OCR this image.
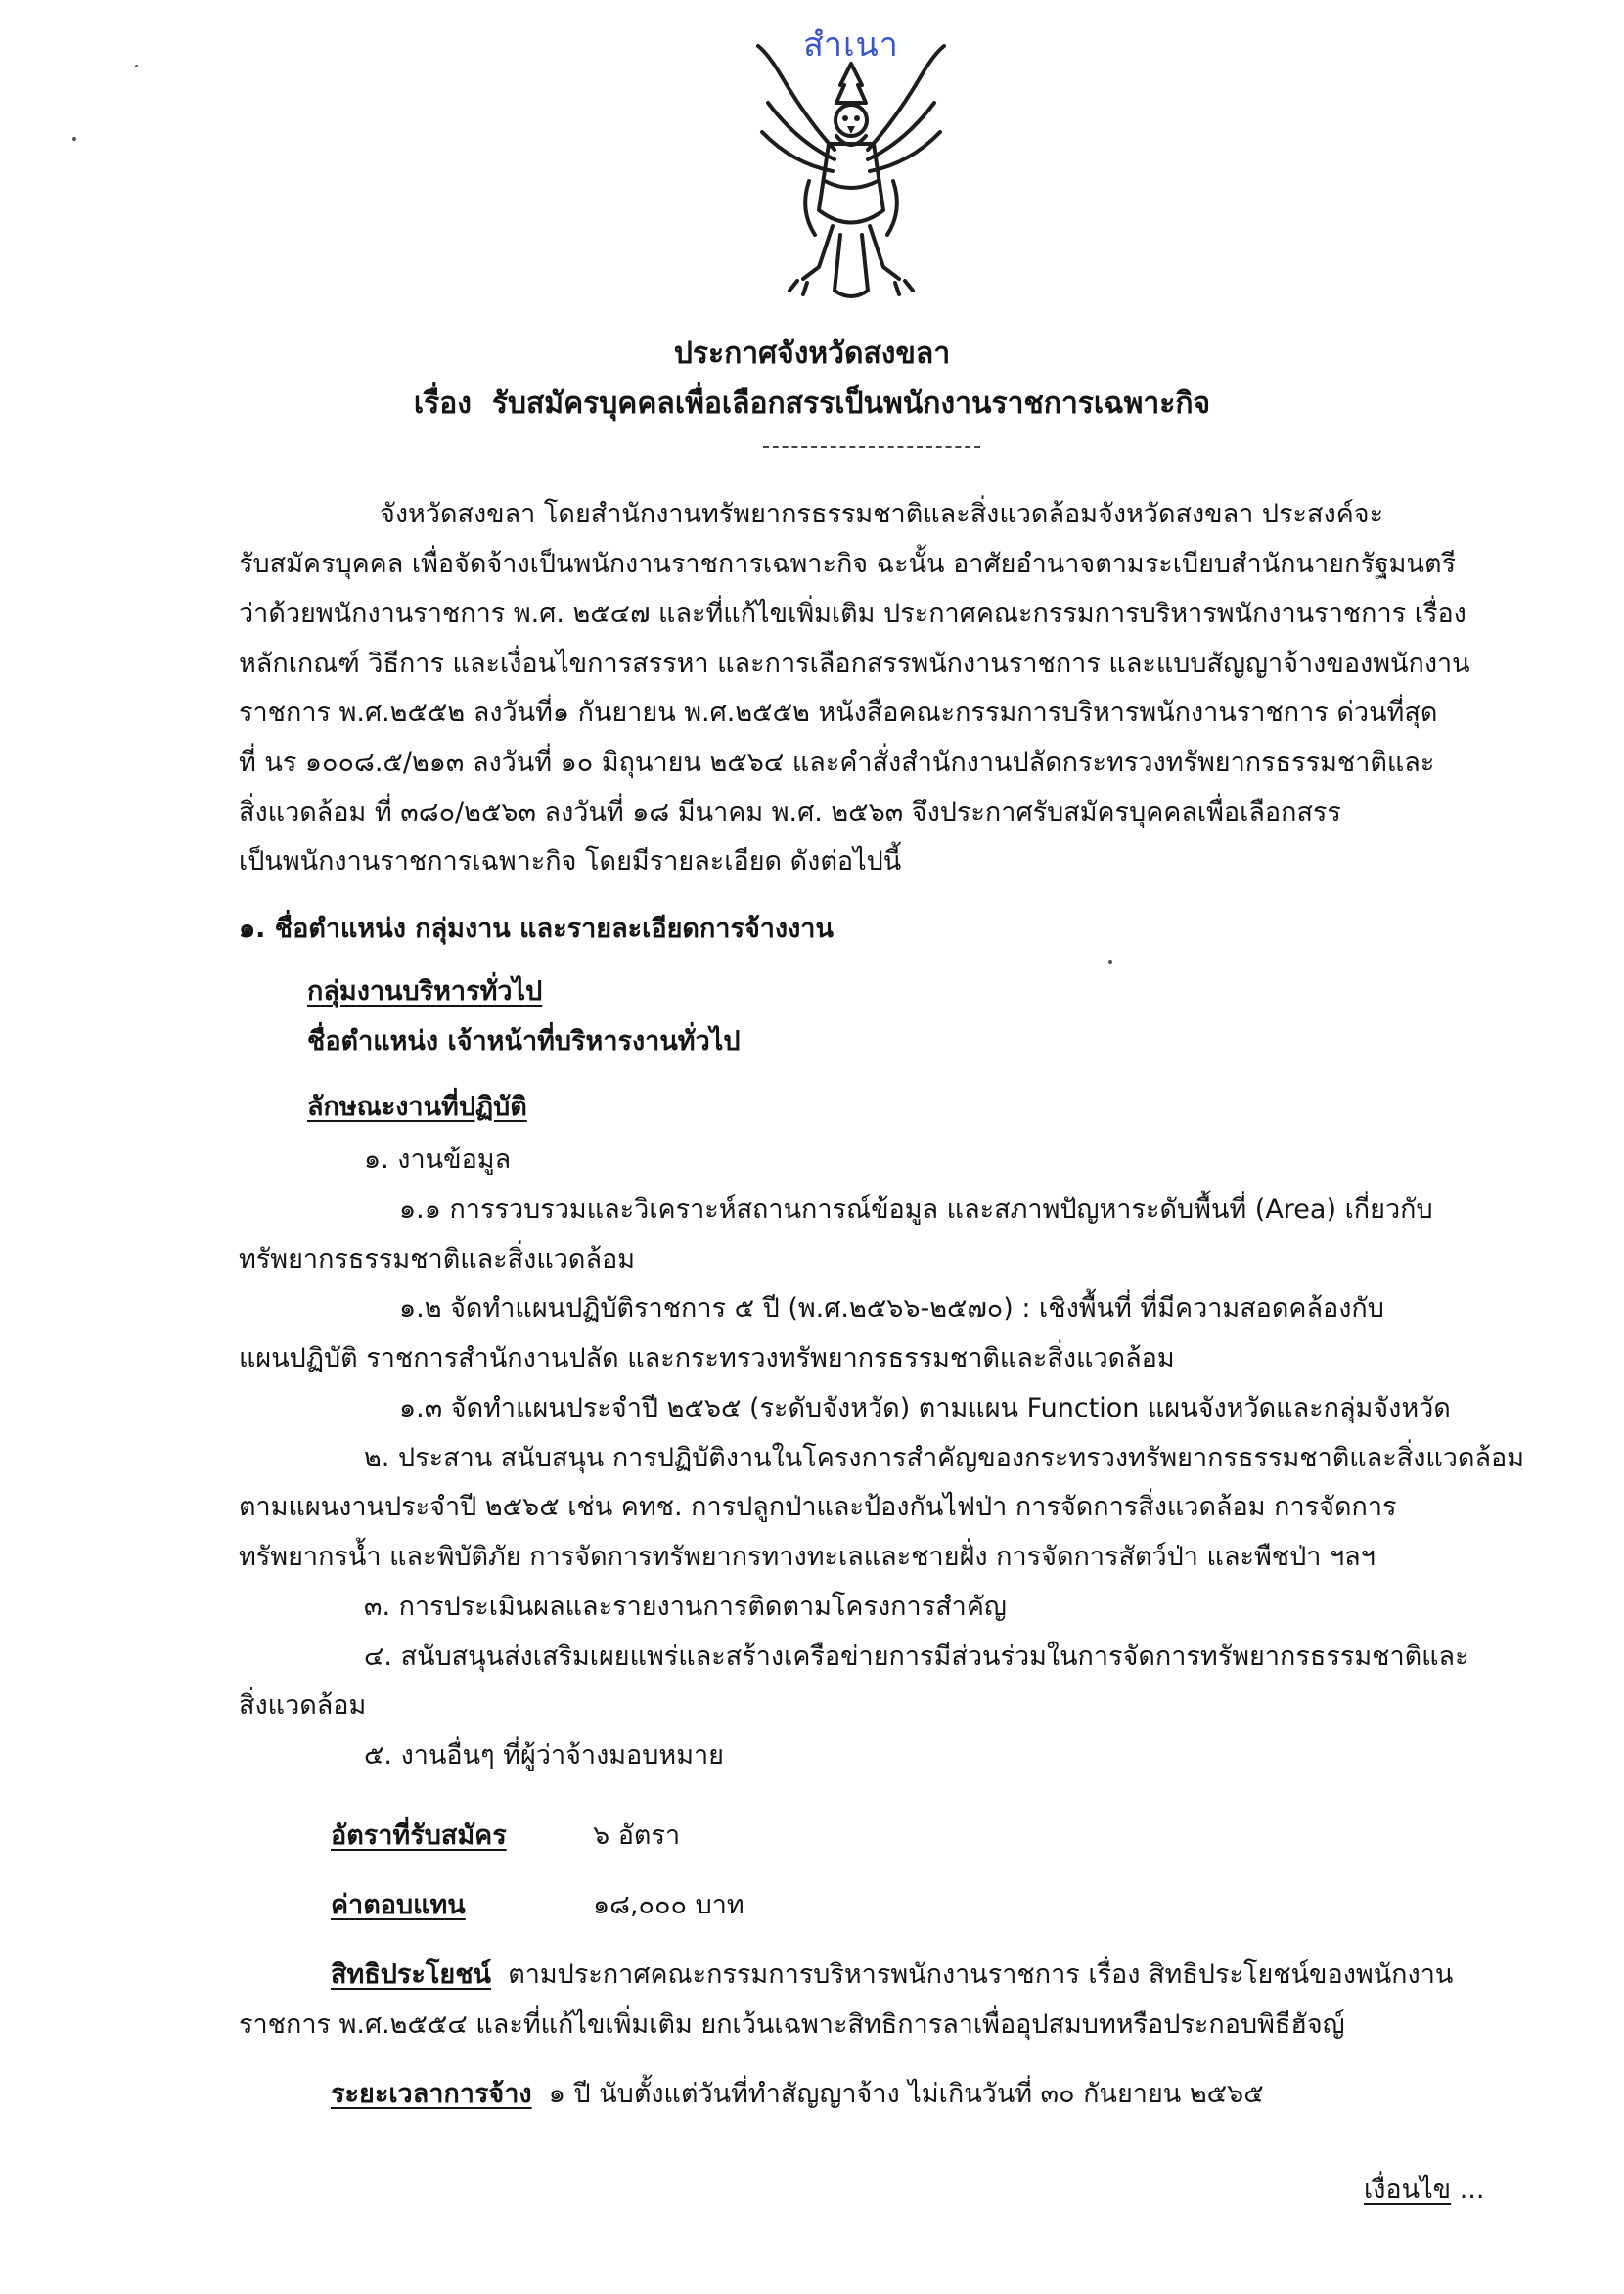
สำเนา
ประกาศจังหวัดสงขลา
เรื่อง รับสมัครบุคคลเพื่อเลือกสรรเป็นพนักงานราชการเฉพาะกิจ
จังหวัดสงขลา โดยสำนักงานทรัพยากรธรรมชาติและสิ่งแวดล้อมจังหวัดสงขลา ประสงค์จะ
รับสมัครบุคคล เพื่อจัดจ้างเป็นพนักงานราชการเฉพาะกิจ ฉะนั้น อาศัยอำนาจตามระเบียบสำนักนายกรัฐมนตรี
ว่าด้วยพนักงานราชการ พ.ศ. ๒๕๔๗ และที่แก้ไขเพิ่มเติม ประกาศคณะกรรมการบริหารพนักงานราชการ เรื่อง
หลักเกณฑ์ วิธีการ และเงื่อนไขการสรรหา และการเลือกสรรพนักงานราชการ และแบบสัญญาจ้างของพนักงาน
ราชการ พ.ศ.๒๕๕๒ ลงวันที่๑ กันยายน พ.ศ.๒๕๕๒ หนังสือคณะกรรมการบริหารพนักงานราชการ ด่วนที่สุด
ที่ นร ๑๐๐๘.๕/๒๑๓ ลงวันที่ ๑๐ มิถุนายน ๒๕๖๔ และคำสั่งสำนักงานปลัดกระทรวงทรัพยากรธรรมชาติและ
สิ่งแวดล้อม ที่ ๓๘๐/๒๕๖๓ ลงวันที่ ๑๘ มีนาคม พ.ศ. ๒๕๖๓ จึงประกาศรับสมัครบุคคลเพื่อเลือกสรร
เป็นพนักงานราชการเฉพาะกิจ โดยมีรายละเอียด ดังต่อไปนี้
๑. ชื่อตำแหน่ง กลุ่มงาน และรายละเอียดการจ้างงาน
กลุ่มงานบริหารทั่วไป
ชื่อตำแหน่ง เจ้าหน้าที่บริหารงานทั่วไป
ลักษณะงานที่ปฏิบัติ
๑. งานข้อมูล
๑.๑ การรวบรวมและวิเคราะห์สถานการณ์ข้อมูล และสภาพปัญหาระดับพื้นที่ (Area) เกี่ยวกับ
ทรัพยากรธรรมชาติและสิ่งแวดล้อม
๑.๒ จัดทำแผนปฏิบัติราชการ ๕ ปี (พ.ศ.๒๕๖๖-๒๕๗๐) : เชิงพื้นที่ ที่มีความสอดคล้องกับ
แผนปฏิบัติ ราชการสำนักงานปลัด และกระทรวงทรัพยากรธรรมชาติและสิ่งแวดล้อม
๑.๓ จัดทำแผนประจำปี ๒๕๖๕ (ระดับจังหวัด) ตามแผน Function แผนจังหวัดและกลุ่มจังหวัด
๒. ประสาน สนับสนุน การปฏิบัติงานในโครงการสำคัญของกระทรวงทรัพยากรธรรมชาติและสิ่งแวดล้อม
ตามแผนงานประจำปี ๒๕๖๕ เช่น คทช. การปลูกป่าและป้องกันไฟป่า การจัดการสิ่งแวดล้อม การจัดการ
ทรัพยากรน้ำ และพิบัติภัย การจัดการทรัพยากรทางทะเลและชายฝั่ง การจัดการสัตว์ป่า และพืชป่า ฯลฯ
๓. การประเมินผลและรายงานการติดตามโครงการสำคัญ
๔. สนับสนุนส่งเสริมเผยแพร่และสร้างเครือข่ายการมีส่วนร่วมในการจัดการทรัพยากรธรรมชาติและ
สิ่งแวดล้อม
๕. งานอื่นๆ ที่ผู้ว่าจ้างมอบหมาย
อัตราที่รับสมัคร	๖ อัตรา
ค่าตอบแทน	๑๘,๐๐๐ บาท
สิทธิประโยชน์ ตามประกาศคณะกรรมการบริหารพนักงานราชการ เรื่อง สิทธิประโยชน์ของพนักงาน
ราชการ พ.ศ.๒๕๕๔ และที่แก้ไขเพิ่มเติม ยกเว้นเฉพาะสิทธิการลาเพื่ออุปสมบทหรือประกอบพิธีฮัจญ์
ระยะเวลาการจ้าง ๑ ปี นับตั้งแต่วันที่ทำสัญญาจ้าง ไม่เกินวันที่ ๓๐ กันยายน ๒๕๖๕
เงื่อนไข ...
